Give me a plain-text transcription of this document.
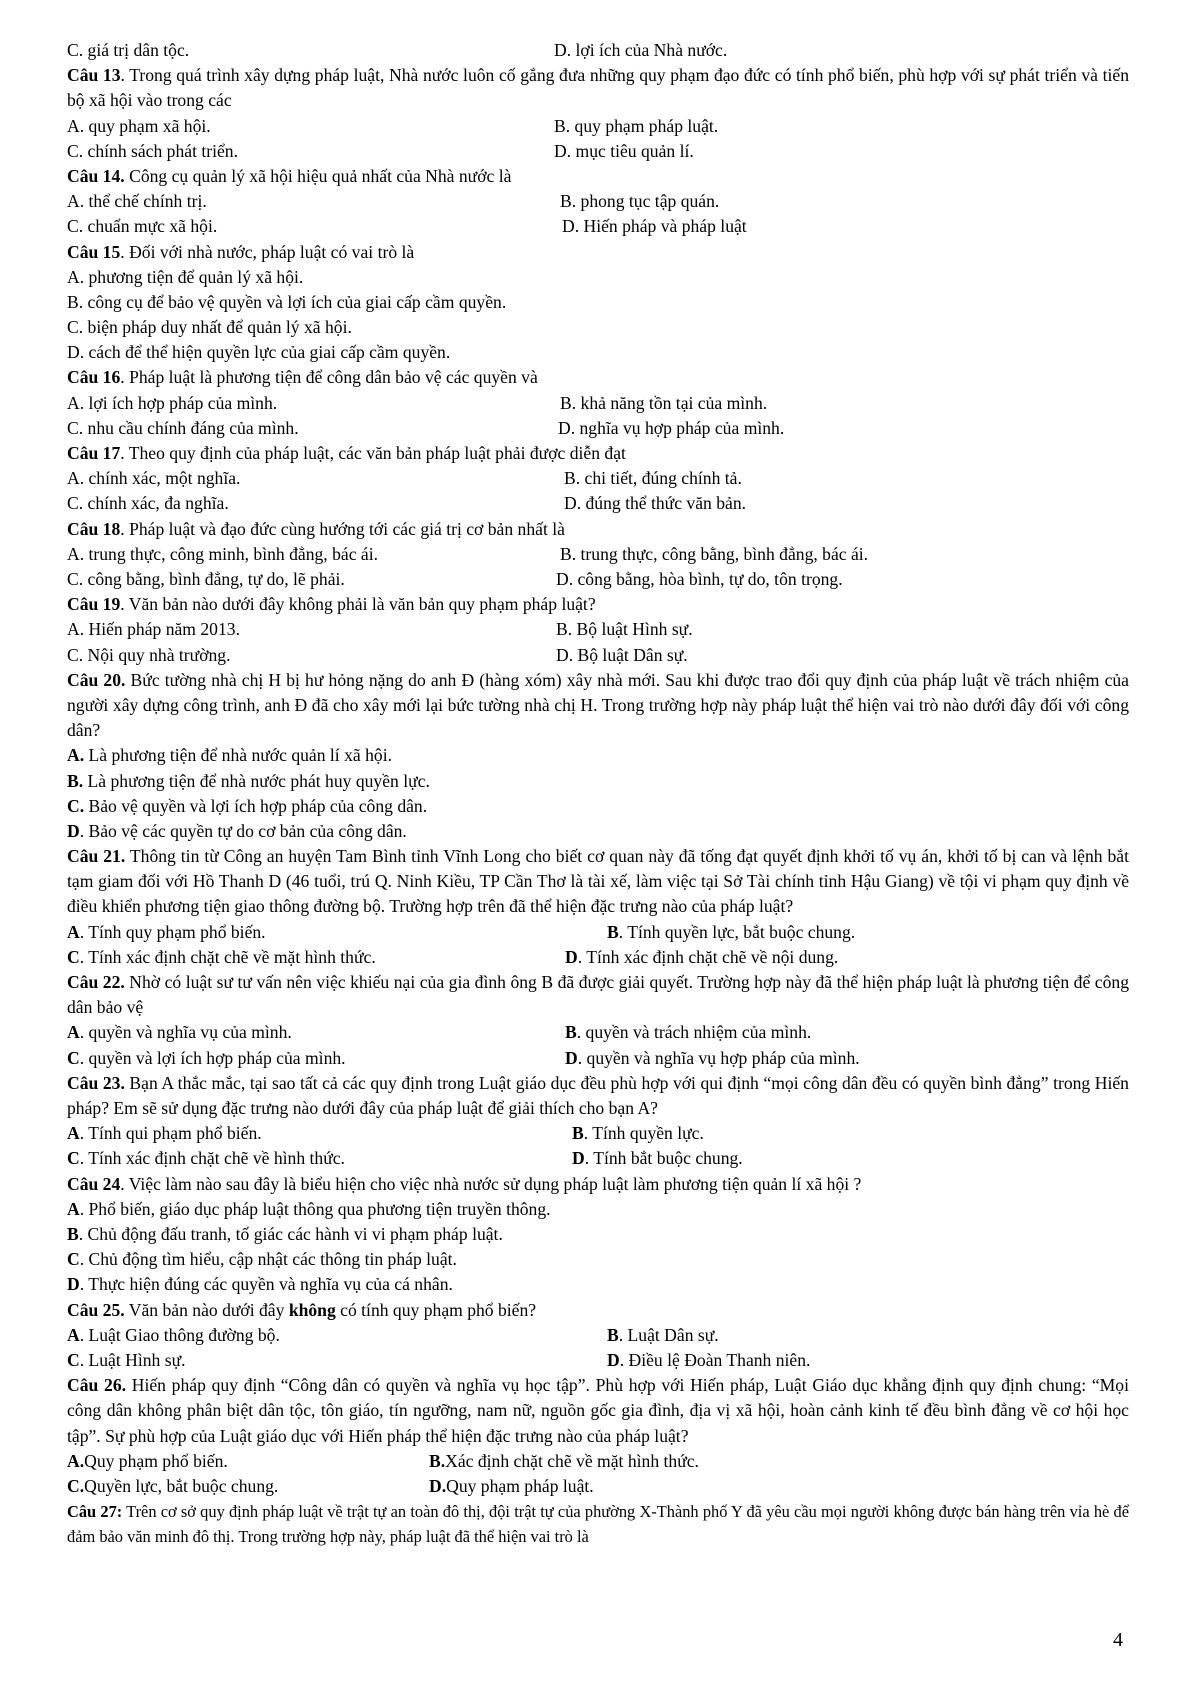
C. giá trị dân tộc.	D. lợi ích của Nhà nước.
Câu 13. Trong quá trình xây dựng pháp luật, Nhà nước luôn cố gắng đưa những quy phạm đạo đức có tính phổ biến, phù hợp với sự phát triển và tiến bộ xã hội vào trong các
A. quy phạm xã hội.	B. quy phạm pháp luật.
C. chính sách phát triển.	D. mục tiêu quản lí.
Câu 14. Công cụ quản lý xã hội hiệu quả nhất của Nhà nước là
A. thể chế chính trị.	B. phong tục tập quán.
C. chuẩn mực xã hội.	D. Hiến pháp và pháp luật
Câu 15. Đối với nhà nước, pháp luật có vai trò là
A. phương tiện để quản lý xã hội.
B. công cụ để bảo vệ quyền và lợi ích của giai cấp cầm quyền.
C. biện pháp duy nhất để quản lý xã hội.
D. cách để thể hiện quyền lực của giai cấp cầm quyền.
Câu 16. Pháp luật là phương tiện để công dân bảo vệ các quyền và
A. lợi ích hợp pháp của mình.	B. khả năng tồn tại của mình.
C. nhu cầu chính đáng của mình.	D. nghĩa vụ hợp pháp của mình.
Câu 17. Theo quy định của pháp luật, các văn bản pháp luật phải được diễn đạt
A. chính xác, một nghĩa.	B. chi tiết, đúng chính tả.
C. chính xác, đa nghĩa.	D. đúng thể thức văn bản.
Câu 18. Pháp luật và đạo đức cùng hướng tới các giá trị cơ bản nhất là
A. trung thực, công minh, bình đẳng, bác ái.	B. trung thực, công bằng, bình đẳng, bác ái.
C. công bằng, bình đẳng, tự do, lẽ phải.	D. công bằng, hòa bình, tự do, tôn trọng.
Câu 19. Văn bản nào dưới đây không phải là văn bản quy phạm pháp luật?
A. Hiến pháp năm 2013.	B. Bộ luật Hình sự.
C. Nội quy nhà trường.	D. Bộ luật Dân sự.
Câu 20. Bức tường nhà chị H bị hư hỏng nặng do anh Đ (hàng xóm) xây nhà mới. Sau khi được trao đổi quy định của pháp luật về trách nhiệm của người xây dựng công trình, anh Đ đã cho xây mới lại bức tường nhà chị H. Trong trường hợp này pháp luật thể hiện vai trò nào dưới đây đối với công dân?
A. Là phương tiện để nhà nước quản lí xã hội.
B. Là phương tiện để nhà nước phát huy quyền lực.
C. Bảo vệ quyền và lợi ích hợp pháp của công dân.
D. Bảo vệ các quyền tự do cơ bản của công dân.
Câu 21. Thông tin từ Công an huyện Tam Bình tỉnh Vĩnh Long cho biết cơ quan này đã tống đạt quyết định khởi tố vụ án, khởi tố bị can và lệnh bắt tạm giam đối với Hồ Thanh D (46 tuổi, trú Q. Ninh Kiều, TP Cần Thơ là tài xế, làm việc tại Sở Tài chính tỉnh Hậu Giang) về tội vi phạm quy định về điều khiển phương tiện giao thông đường bộ. Trường hợp trên đã thể hiện đặc trưng nào của pháp luật?
A. Tính quy phạm phổ biến.	B. Tính quyền lực, bắt buộc chung.
C. Tính xác định chặt chẽ về mặt hình thức.	D. Tính xác định chặt chẽ về nội dung.
Câu 22. Nhờ có luật sư tư vấn nên việc khiếu nại của gia đình ông B đã được giải quyết. Trường hợp này đã thể hiện pháp luật là phương tiện để công dân bảo vệ
A. quyền và nghĩa vụ của mình.	B. quyền và trách nhiệm của mình.
C. quyền và lợi ích hợp pháp của mình.	D. quyền và nghĩa vụ hợp pháp của mình.
Câu 23. Bạn A thắc mắc, tại sao tất cả các quy định trong Luật giáo dục đều phù hợp với qui định “mọi công dân đều có quyền bình đẳng” trong Hiến pháp? Em sẽ sử dụng đặc trưng nào dưới đây của pháp luật để giải thích cho bạn A?
A. Tính qui phạm phổ biến.	B. Tính quyền lực.
C. Tính xác định chặt chẽ về hình thức.	D. Tính bắt buộc chung.
Câu 24. Việc làm nào sau đây là biểu hiện cho việc nhà nước sử dụng pháp luật làm phương tiện quản lí xã hội ?
A. Phổ biến, giáo dục pháp luật thông qua phương tiện truyền thông.
B. Chủ động đấu tranh, tố giác các hành vi vi phạm pháp luật.
C. Chủ động tìm hiểu, cập nhật các thông tin pháp luật.
D. Thực hiện đúng các quyền và nghĩa vụ của cá nhân.
Câu 25. Văn bản nào dưới đây không có tính quy phạm phổ biến?
A. Luật Giao thông đường bộ.	B. Luật Dân sự.
C. Luật Hình sự.	D. Điều lệ Đoàn Thanh niên.
Câu 26. Hiến pháp quy định “Công dân có quyền và nghĩa vụ học tập”. Phù hợp với Hiến pháp, Luật Giáo dục khẳng định quy định chung: “Mọi công dân không phân biệt dân tộc, tôn giáo, tín ngưỡng, nam nữ, nguồn gốc gia đình, địa vị xã hội, hoàn cảnh kinh tế đều bình đẳng về cơ hội học tập”. Sự phù hợp của Luật giáo dục với Hiến pháp thể hiện đặc trưng nào của pháp luật?
A.Quy phạm phổ biến.	B.Xác định chặt chẽ về mặt hình thức.
C.Quyền lực, bắt buộc chung.	D.Quy phạm pháp luật.
Câu 27: Trên cơ sở quy định pháp luật về trật tự an toàn đô thị, đội trật tự của phường X-Thành phố Y đã yêu cầu mọi người không được bán hàng trên vỉa hè để đảm bảo văn minh đô thị. Trong trường hợp này, pháp luật đã thể hiện vai trò là
4
